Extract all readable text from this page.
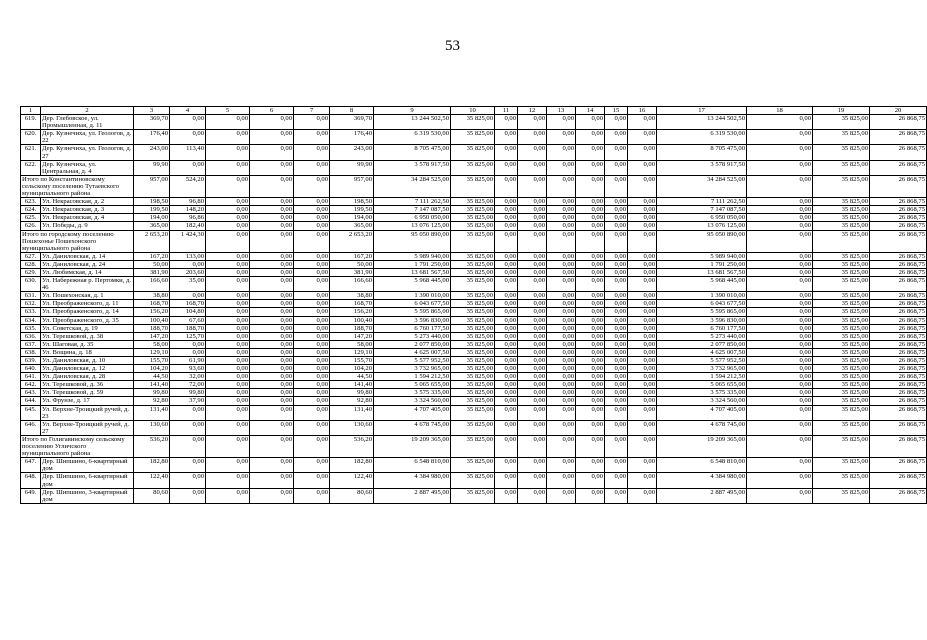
53
1	2	3	4	5	6	7	8	9	10	11	12	13	14	15	16	17	18	19	20
619.	Дер. Глебовское, ул. Промышленная, д. 11	369,70	0,00	0,00	0,00	0,00	369,70	13 244 502,50	35 825,00	0,00	0,00	0,00	0,00	0,00	0,00	13 244 502,50	0,00	35 825,00	26 868,75
620.	Дер. Кузнечиха, ул. Геологов, д. 22	176,40	0,00	0,00	0,00	0,00	176,40	6 319 530,00	35 825,00	0,00	0,00	0,00	0,00	0,00	0,00	6 319 530,00	0,00	35 825,00	26 868,75
621.	Дер. Кузнечиха, ул. Геологов, д. 27	243,00	113,40	0,00	0,00	0,00	243,00	8 705 475,00	35 825,00	0,00	0,00	0,00	0,00	0,00	0,00	8 705 475,00	0,00	35 825,00	26 868,75
622.	Дер. Кузнечиха, ул. Центральная, д. 4	99,90	0,00	0,00	0,00	0,00	99,90	3 578 917,50	35 825,00	0,00	0,00	0,00	0,00	0,00	0,00	3 578 917,50	0,00	35 825,00	26 868,75
Итого по Константиновскому сельскому поселению Тутаевского муниципального района		957,00	524,20	0,00	0,00	0,00	957,00	34 284 525,00	35 825,00	0,00	0,00	0,00	0,00	0,00	0,00	34 284 525,00	0,00	35 825,00	26 868,75
623.	Ул. Некрасовская, д. 2	198,50	96,80	0,00	0,00	0,00	198,50	7 111 262,50	35 825,00	0,00	0,00	0,00	0,00	0,00	0,00	7 111 262,50	0,00	35 825,00	26 868,75
624.	Ул. Некрасовская, д. 3	199,50	148,20	0,00	0,00	0,00	199,50	7 147 087,50	35 825,00	0,00	0,00	0,00	0,00	0,00	0,00	7 147 087,50	0,00	35 825,00	26 868,75
625.	Ул. Некрасовская, д. 4	194,00	96,86	0,00	0,00	0,00	194,00	6 950 050,00	35 825,00	0,00	0,00	0,00	0,00	0,00	0,00	6 950 050,00	0,00	35 825,00	26 868,75
626.	Ул. Победы, д. 9	365,00	182,40	0,00	0,00	0,00	365,00	13 076 125,00	35 825,00	0,00	0,00	0,00	0,00	0,00	0,00	13 076 125,00	0,00	35 825,00	26 868,75
Итого по городскому поселению Пошехонье Пошехонского муниципального района		2 653,20	1 424,30	0,00	0,00	0,00	2 653,20	95 050 890,00	35 825,00	0,00	0,00	0,00	0,00	0,00	0,00	95 050 890,00	0,00	35 825,00	26 868,75
627.	Ул. Даниловская, д. 14	167,20	133,00	0,00	0,00	0,00	167,20	5 989 940,00	35 825,00	0,00	0,00	0,00	0,00	0,00	0,00	5 989 940,00	0,00	35 825,00	26 868,75
628.	Ул. Даниловская, д. 24	50,00	0,00	0,00	0,00	0,00	50,00	1 791 250,00	35 825,00	0,00	0,00	0,00	0,00	0,00	0,00	1 791 250,00	0,00	35 825,00	26 868,75
629.	Ул. Любимская, д. 14	381,90	203,60	0,00	0,00	0,00	381,90	13 681 567,50	35 825,00	0,00	0,00	0,00	0,00	0,00	0,00	13 681 567,50	0,00	35 825,00	26 868,75
630.	Ул. Набережная р. Пертомки, д. 46	166,60	35,00	0,00	0,00	0,00	166,60	5 968 445,00	35 825,00	0,00	0,00	0,00	0,00	0,00	0,00	5 968 445,00	0,00	35 825,00	26 868,75
631.	Ул. Пошехонская, д. 1	38,80	0,00	0,00	0,00	0,00	38,80	1 390 010,00	35 825,00	0,00	0,00	0,00	0,00	0,00	0,00	1 390 010,00	0,00	35 825,00	26 868,75
632.	Ул. Преображенского, д. 11	168,70	168,70	0,00	0,00	0,00	168,70	6 043 677,50	35 825,00	0,00	0,00	0,00	0,00	0,00	0,00	6 043 677,50	0,00	35 825,00	26 868,75
633.	Ул. Преображенского, д. 14	156,20	104,80	0,00	0,00	0,00	156,20	5 595 865,00	35 825,00	0,00	0,00	0,00	0,00	0,00	0,00	5 595 865,00	0,00	35 825,00	26 868,75
634.	Ул. Преображенского, д. 35	100,40	67,60	0,00	0,00	0,00	100,40	3 596 830,00	35 825,00	0,00	0,00	0,00	0,00	0,00	0,00	3 596 830,00	0,00	35 825,00	26 868,75
635.	Ул. Советская, д. 19	188,70	188,70	0,00	0,00	0,00	188,70	6 760 177,50	35 825,00	0,00	0,00	0,00	0,00	0,00	0,00	6 760 177,50	0,00	35 825,00	26 868,75
636.	Ул. Терешковой, д. 38	147,20	125,70	0,00	0,00	0,00	147,20	5 273 440,00	35 825,00	0,00	0,00	0,00	0,00	0,00	0,00	5 273 440,00	0,00	35 825,00	26 868,75
637.	Ул. Шаговая, д. 35	58,00	0,00	0,00	0,00	0,00	58,00	2 077 850,00	35 825,00	0,00	0,00	0,00	0,00	0,00	0,00	2 077 850,00	0,00	35 825,00	26 868,75
638.	Ул. Вощина, д. 18	129,10	0,00	0,00	0,00	0,00	129,10	4 625 007,50	35 825,00	0,00	0,00	0,00	0,00	0,00	0,00	4 625 007,50	0,00	35 825,00	26 868,75
639.	Ул. Даниловская, д. 10	155,70	61,90	0,00	0,00	0,00	155,70	5 577 952,50	35 825,00	0,00	0,00	0,00	0,00	0,00	0,00	5 577 952,50	0,00	35 825,00	26 868,75
640.	Ул. Даниловская, д. 12	104,20	93,60	0,00	0,00	0,00	104,20	3 732 965,00	35 825,00	0,00	0,00	0,00	0,00	0,00	0,00	3 732 965,00	0,00	35 825,00	26 868,75
641.	Ул. Даниловская, д. 28	44,50	32,00	0,00	0,00	0,00	44,50	1 594 212,50	35 825,00	0,00	0,00	0,00	0,00	0,00	0,00	1 594 212,50	0,00	35 825,00	26 868,75
642.	Ул. Терешковой, д. 36	141,40	72,00	0,00	0,00	0,00	141,40	5 065 655,00	35 825,00	0,00	0,00	0,00	0,00	0,00	0,00	5 065 655,00	0,00	35 825,00	26 868,75
643.	Ул. Терешковой, д. 59	99,80	99,80	0,00	0,00	0,00	99,80	3 575 335,00	35 825,00	0,00	0,00	0,00	0,00	0,00	0,00	3 575 335,00	0,00	35 825,00	26 868,75
644.	Ул. Фрунзе, д. 17	92,80	37,90	0,00	0,00	0,00	92,80	3 324 560,00	35 825,00	0,00	0,00	0,00	0,00	0,00	0,00	3 324 560,00	0,00	35 825,00	26 868,75
645.	Ул. Верхне-Троицкий ручей, д. 23	131,40	0,00	0,00	0,00	0,00	131,40	4 707 405,00	35 825,00	0,00	0,00	0,00	0,00	0,00	0,00	4 707 405,00	0,00	35 825,00	26 868,75
646.	Ул. Верхне-Троицкий ручей, д. 27	130,60	0,00	0,00	0,00	0,00	130,60	4 678 745,00	35 825,00	0,00	0,00	0,00	0,00	0,00	0,00	4 678 745,00	0,00	35 825,00	26 868,75
Итого по Голигавинскому сельскому поселению Угличского муниципального района		536,20	0,00	0,00	0,00	0,00	536,20	19 209 365,00	35 825,00	0,00	0,00	0,00	0,00	0,00	0,00	19 209 365,00	0,00	35 825,00	26 868,75
647.	Дер. Шипшино, 6-квартирный дом	182,80	0,00	0,00	0,00	0,00	182,80	6 548 810,00	35 825,00	0,00	0,00	0,00	0,00	0,00	0,00	6 548 810,00	0,00	35 825,00	26 868,75
648.	Дер. Шипшино, 6-квартирный дом	122,40	0,00	0,00	0,00	0,00	122,40	4 384 980,00	35 825,00	0,00	0,00	0,00	0,00	0,00	0,00	4 384 980,00	0,00	35 825,00	26 868,75
649.	Дер. Шипшино, 3-квартирный дом	80,60	0,00	0,00	0,00	0,00	80,60	2 887 495,00	35 825,00	0,00	0,00	0,00	0,00	0,00	0,00	2 887 495,00	0,00	35 825,00	26 868,75
